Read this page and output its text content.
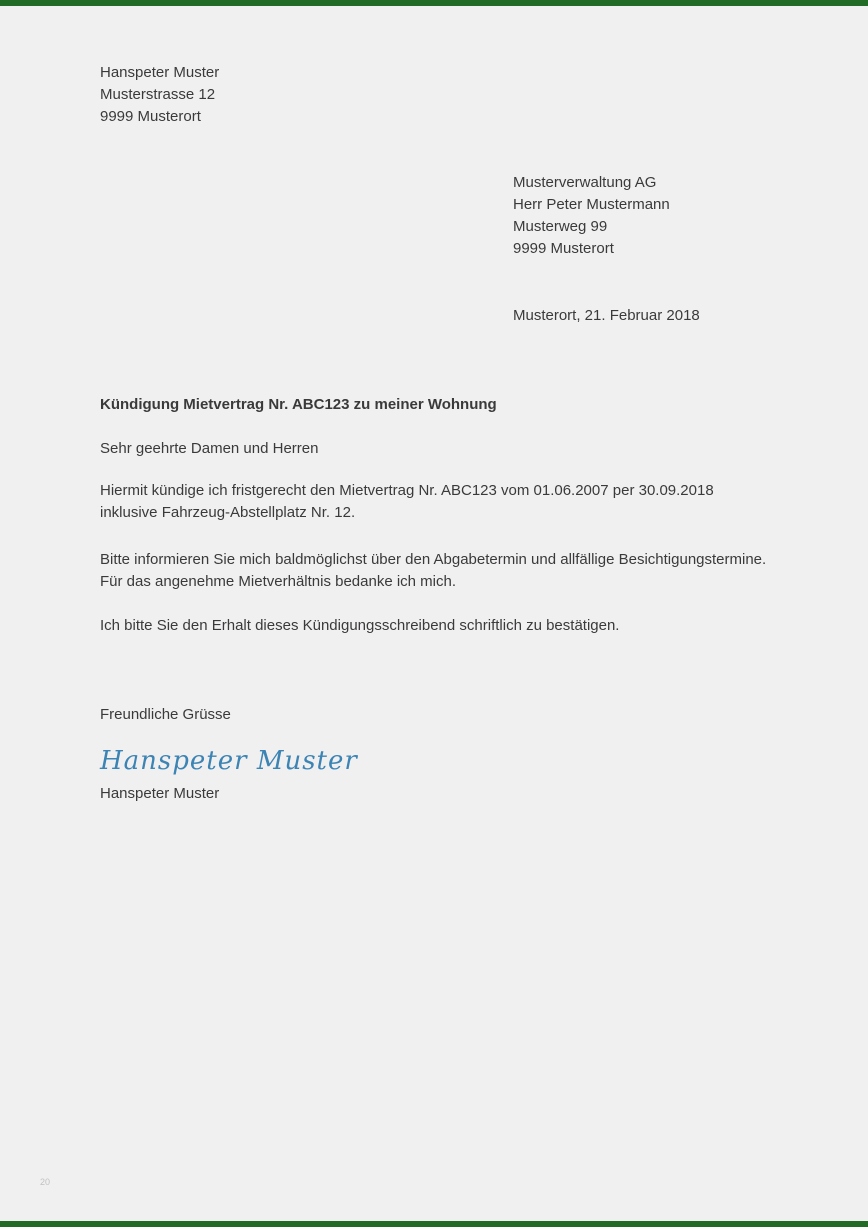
Hanspeter Muster
Musterstrasse 12
9999 Musterort
Musterverwaltung AG
Herr Peter Mustermann
Musterweg 99
9999 Musterort
Musterort, 21. Februar 2018
Kündigung Mietvertrag Nr. ABC123 zu meiner Wohnung
Sehr geehrte Damen und Herren
Hiermit kündige ich fristgerecht den Mietvertrag Nr. ABC123 vom 01.06.2007 per 30.09.2018 inklusive Fahrzeug-Abstellplatz Nr. 12.
Bitte informieren Sie mich baldmöglichst über den Abgabetermin und allfällige Besichtigungstermine. Für das angenehme Mietverhältnis bedanke ich mich.
Ich bitte Sie den Erhalt dieses Kündigungsschreibend schriftlich zu bestätigen.
Freundliche Grüsse
Hanspeter Muster
Hanspeter Muster
20
